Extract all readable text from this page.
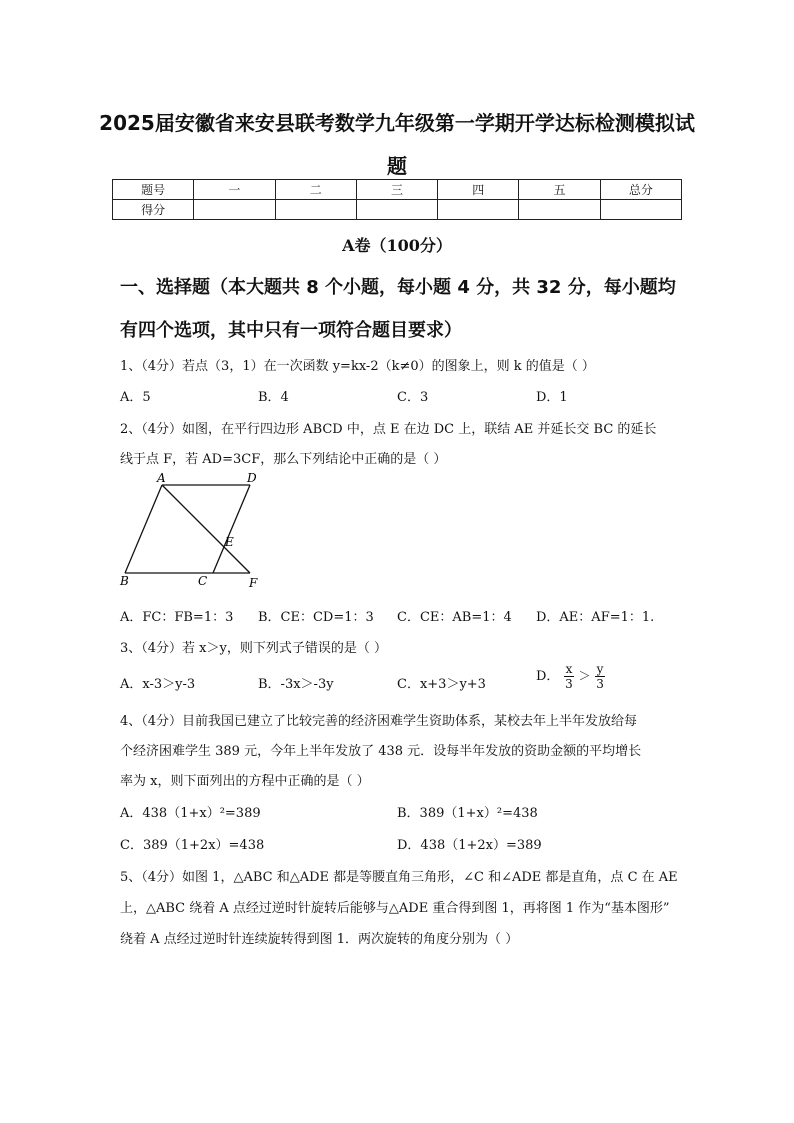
2025届安徽省来安县联考数学九年级第一学期开学达标检测模拟试
题
题号	一	二	三	四	五	总分
得分						
A卷（100分）
一、选择题（本大题共 8 个小题，每小题 4 分，共 32 分，每小题均
有四个选项，其中只有一项符合题目要求）
1、（4分）若点（3，1）在一次函数 y=kx-2（k≠0）的图象上，则 k 的值是（ ）
A．5	B．4	C．3	D．1
2、（4分）如图，在平行四边形 ABCD 中，点 E 在边 DC 上，联结 AE 并延长交 BC 的延长
线于点 F，若 AD=3CF，那么下列结论中正确的是（ ）
A	D
E
B	C	F
A．FC：FB=1：3 B．CE：CD=1：3 C．CE：AB=1：4 D．AE：AF=1：1.
3、（4分）若 x＞y，则下列式子错误的是（ ）
A．x-3＞y-3	B．-3x＞-3y	C．x+3＞y+3
D． $\frac{x}{3} > \frac{y}{3}$
4、（4分）目前我国已建立了比较完善的经济困难学生资助体系，某校去年上半年发放给每
个经济困难学生 389 元，今年上半年发放了 438 元．设每半年发放的资助金额的平均增长
率为 x，则下面列出的方程中正确的是（ ）
A．438（1+x）²=389	B．389（1+x）²=438
C．389（1+2x）=438	D．438（1+2x）=389
5、（4分）如图 1，△ABC 和△ADE 都是等腰直角三角形，∠C 和∠ADE 都是直角，点 C 在 AE
上，△ABC 绕着 A 点经过逆时针旋转后能够与△ADE 重合得到图 1，再将图 1 作为“基本图形”
绕着 A 点经过逆时针连续旋转得到图 1．两次旋转的角度分别为（ ）
